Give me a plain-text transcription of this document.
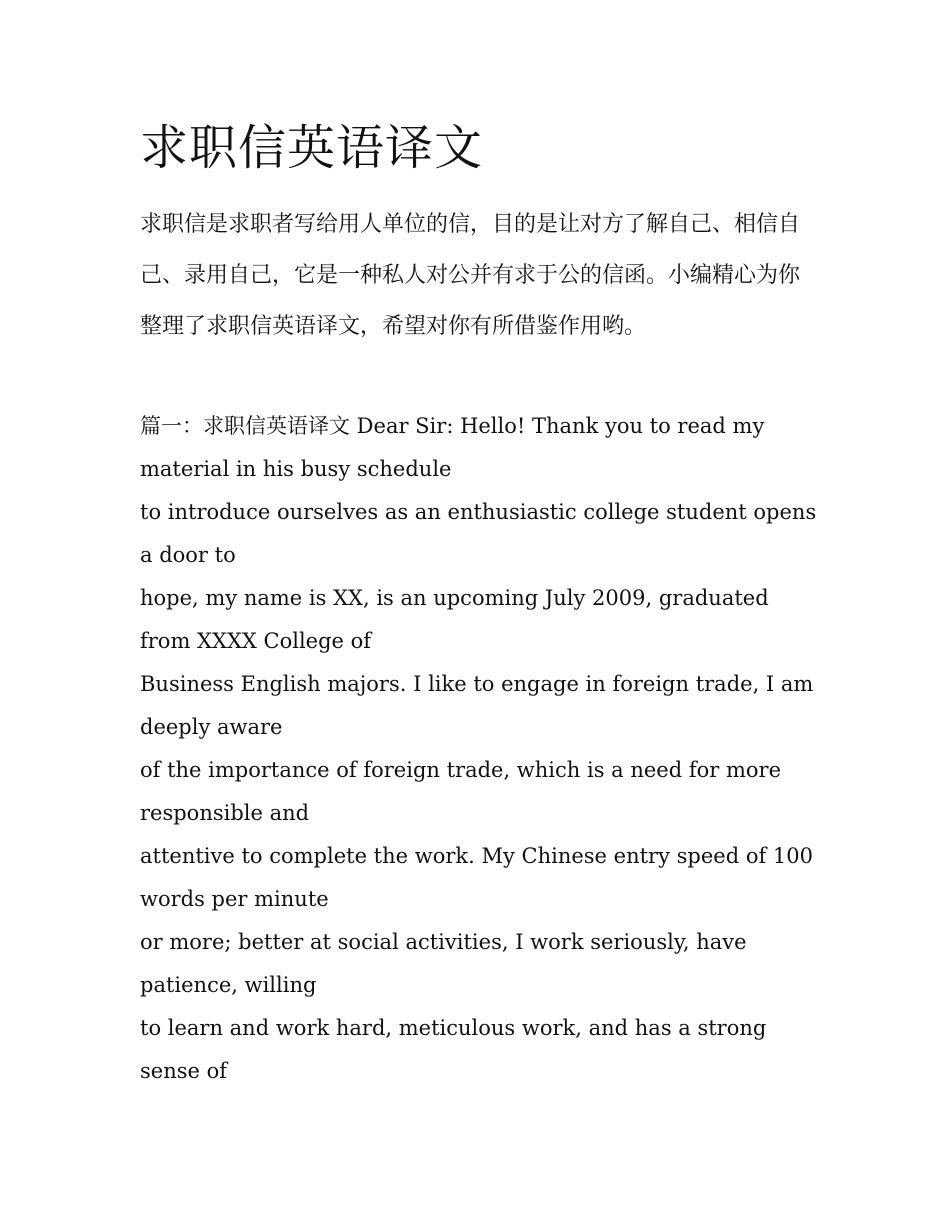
求职信英语译文

求职信是求职者写给用人单位的信，目的是让对方了解自己、相信自己、录用自己，它是一种私人对公并有求于公的信函。小编精心为你整理了求职信英语译文，希望对你有所借鉴作用哟。

篇一：求职信英语译文 Dear Sir: Hello! Thank you to read my material in his busy schedule
to introduce ourselves as an enthusiastic college student opens a door to
hope, my name is XX, is an upcoming July 2009, graduated from XXXX College of
Business English majors. I like to engage in foreign trade, I am deeply aware
of the importance of foreign trade, which is a need for more responsible and
attentive to complete the work. My Chinese entry speed of 100 words per minute
or more; better at social activities, I work seriously, have patience, willing
to learn and work hard, meticulous work, and has a strong sense of
